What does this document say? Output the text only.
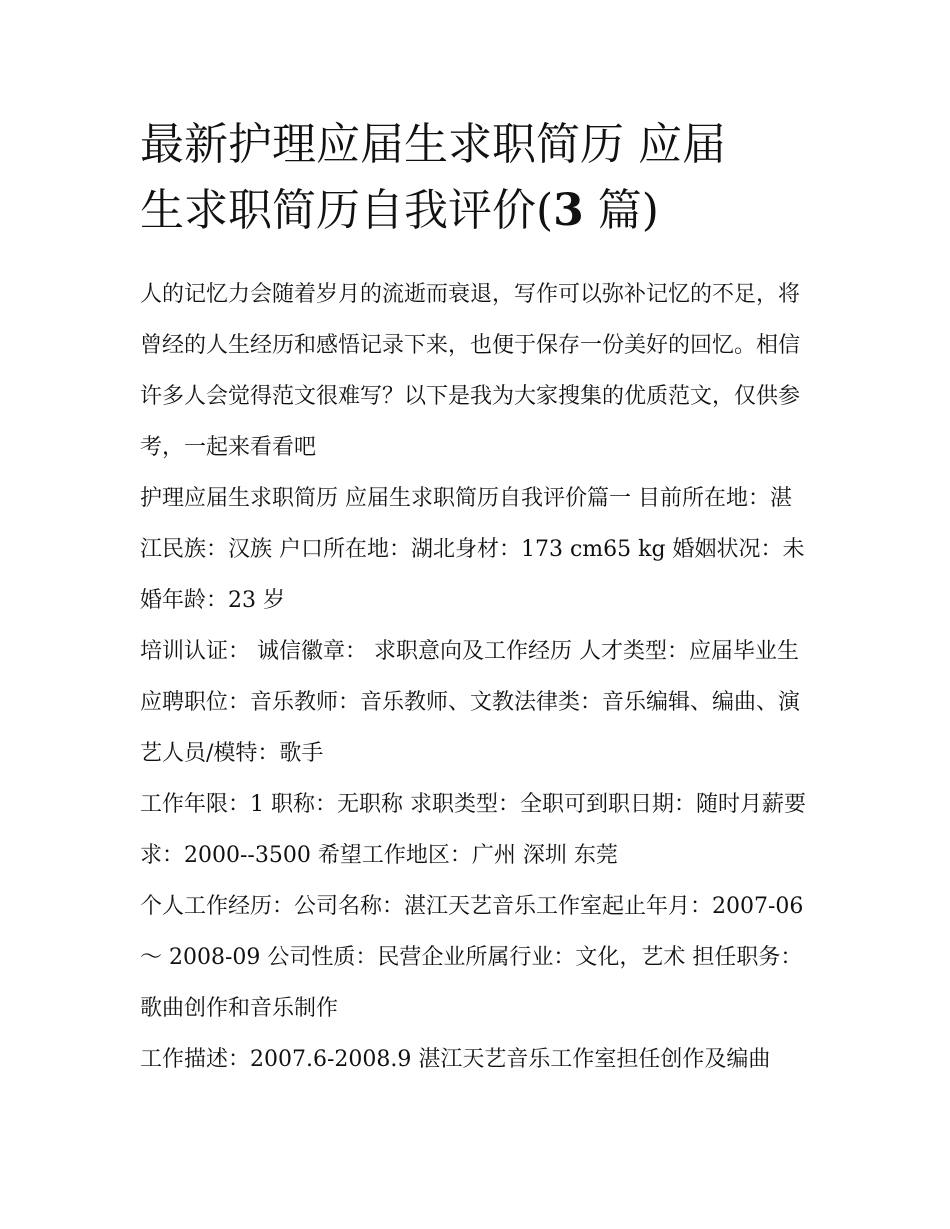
最新护理应届生求职简历 应届
生求职简历自我评价(3 篇)

人的记忆力会随着岁月的流逝而衰退，写作可以弥补记忆的不足，将曾经的人生经历和感悟记录下来，也便于保存一份美好的回忆。相信许多人会觉得范文很难写？以下是我为大家搜集的优质范文，仅供参考，一起来看看吧

护理应届生求职简历 应届生求职简历自我评价篇一 目前所在地：湛江民族：汉族 户口所在地：湖北身材：173 cm65 kg 婚姻状况：未婚年龄：23 岁

培训认证： 诚信徽章： 求职意向及工作经历 人才类型：应届毕业生 应聘职位：音乐教师：音乐教师、文教法律类：音乐编辑、编曲、演艺人员/模特：歌手

工作年限：1 职称：无职称 求职类型：全职可到职日期：随时月薪要求：2000--3500 希望工作地区：广州 深圳 东莞

个人工作经历：公司名称：湛江天艺音乐工作室起止年月：2007-06 ～ 2008-09 公司性质：民营企业所属行业：文化，艺术 担任职务：歌曲创作和音乐制作

工作描述：2007.6-2008.9 湛江天艺音乐工作室担任创作及编曲
